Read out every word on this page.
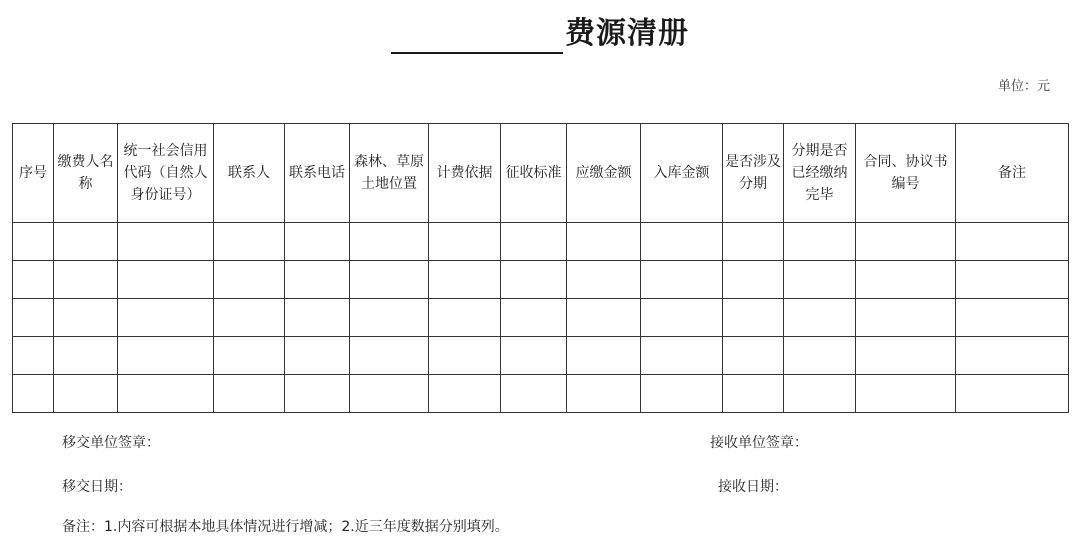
费源清册
单位：元
序号	缴费人名称	统一社会信用代码（自然人身份证号）	联系人	联系电话	森林、草原土地位置	计费依据	征收标准	应缴金额	入库金额	是否涉及分期	分期是否已经缴纳完毕	合同、协议书编号	备注

移交单位签章：	接收单位签章：
移交日期：	接收日期：
备注：1.内容可根据本地具体情况进行增减；2.近三年度数据分别填列。
